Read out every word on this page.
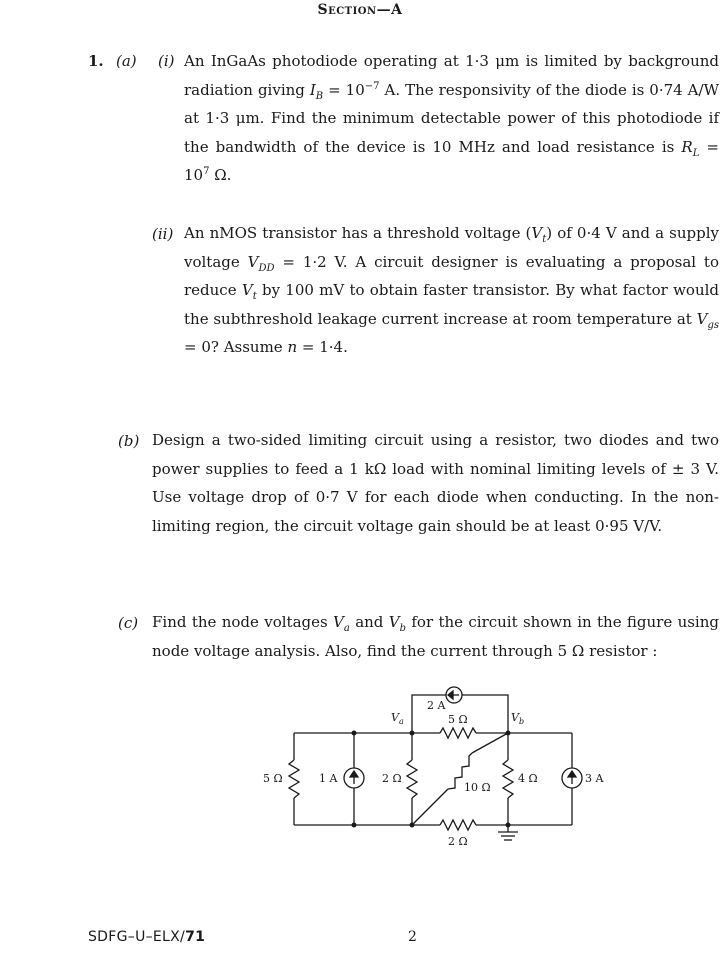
Section—A
1. (a) (i) An InGaAs photodiode operating at 1·3 μm is limited by background radiation giving $I_B = 10^{-7}$ A. The responsivity of the diode is 0·74 A/W at 1·3 μm. Find the minimum detectable power of this photodiode if the bandwidth of the device is 10 MHz and load resistance is $R_L = 10^7$ Ω.
(ii) An nMOS transistor has a threshold voltage $(V_t)$ of 0·4 V and a supply voltage $V_{DD} = 1\cdot 2$ V. A circuit designer is evaluating a proposal to reduce $V_t$ by 100 mV to obtain faster transistor. By what factor would the subthreshold leakage current increase at room temperature at $V_{gs} = 0$? Assume n = 1·4.
(b) Design a two-sided limiting circuit using a resistor, two diodes and two power supplies to feed a 1 kΩ load with nominal limiting levels of ± 3 V. Use voltage drop of 0·7 V for each diode when conducting. In the non-limiting region, the circuit voltage gain should be at least 0·95 V/V.
(c) Find the node voltages $V_a$ and $V_b$ for the circuit shown in the figure using node voltage analysis. Also, find the current through 5 Ω resistor :
2 A
$V_a$	$V_b$
5 Ω
5 Ω	1 A	2 Ω
10 Ω
4 Ω	3 A
2 Ω
SDFG–U–ELX/71	2
